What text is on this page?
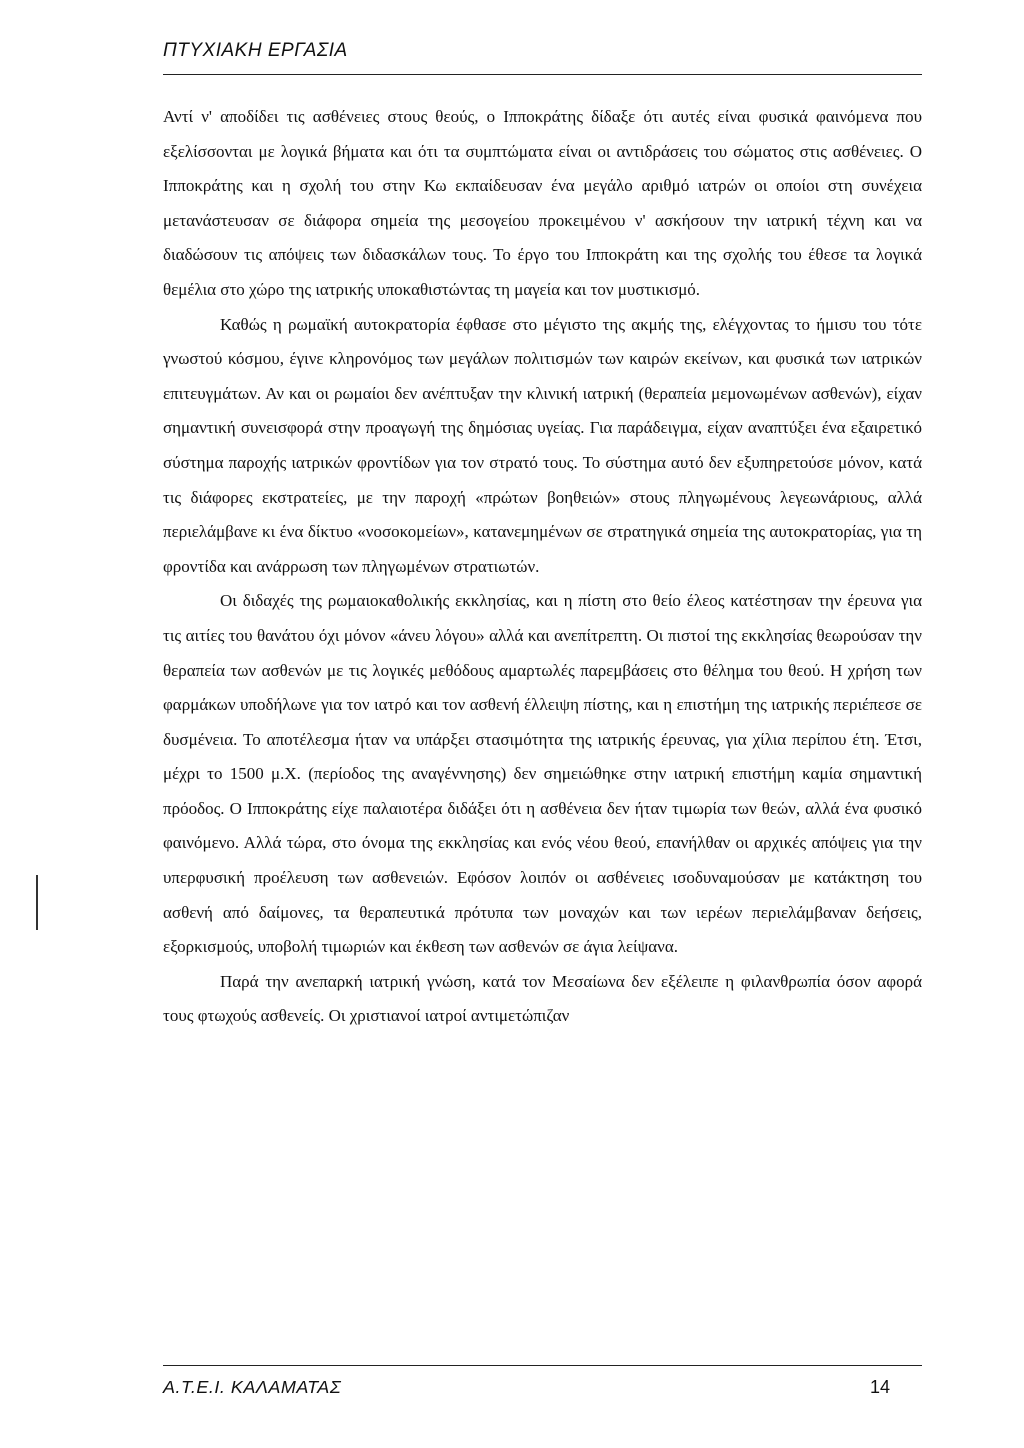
ΠΤΥΧΙΑΚΗ ΕΡΓΑΣΙΑ

Αντί ν' αποδίδει τις ασθένειες στους θεούς, ο Ιπποκράτης δίδαξε ότι αυτές είναι φυσικά φαινόμενα που εξελίσσονται με λογικά βήματα και ότι τα συμπτώματα είναι οι αντιδράσεις του σώματος στις ασθένειες. Ο Ιπποκράτης και η σχολή του στην Κω εκπαίδευσαν ένα μεγάλο αριθμό ιατρών οι οποίοι στη συνέχεια μετανάστευσαν σε διάφορα σημεία της μεσογείου προκειμένου ν' ασκήσουν την ιατρική τέχνη και να διαδώσουν τις απόψεις των διδασκάλων τους. Το έργο του Ιπποκράτη και της σχολής του έθεσε τα λογικά θεμέλια στο χώρο της ιατρικής υποκαθιστώντας τη μαγεία και τον μυστικισμό.

Καθώς η ρωμαϊκή αυτοκρατορία έφθασε στο μέγιστο της ακμής της, ελέγχοντας το ήμισυ του τότε γνωστού κόσμου, έγινε κληρονόμος των μεγάλων πολιτισμών των καιρών εκείνων, και φυσικά των ιατρικών επιτευγμάτων. Αν και οι ρωμαίοι δεν ανέπτυξαν την κλινική ιατρική (θεραπεία μεμονωμένων ασθενών), είχαν σημαντική συνεισφορά στην προαγωγή της δημόσιας υγείας. Για παράδειγμα, είχαν αναπτύξει ένα εξαιρετικό σύστημα παροχής ιατρικών φροντίδων για τον στρατό τους. Το σύστημα αυτό δεν εξυπηρετούσε μόνον, κατά τις διάφορες εκστρατείες, με την παροχή «πρώτων βοηθειών» στους πληγωμένους λεγεωνάριους, αλλά περιελάμβανε κι ένα δίκτυο «νοσοκομείων», κατανεμημένων σε στρατηγικά σημεία της αυτοκρατορίας, για τη φροντίδα και ανάρρωση των πληγωμένων στρατιωτών.

Οι διδαχές της ρωμαιοκαθολικής εκκλησίας, και η πίστη στο θείο έλεος κατέστησαν την έρευνα για τις αιτίες του θανάτου όχι μόνον «άνευ λόγου» αλλά και ανεπίτρεπτη. Οι πιστοί της εκκλησίας θεωρούσαν την θεραπεία των ασθενών με τις λογικές μεθόδους αμαρτωλές παρεμβάσεις στο θέλημα του θεού. Η χρήση των φαρμάκων υποδήλωνε για τον ιατρό και τον ασθενή έλλειψη πίστης, και η επιστήμη της ιατρικής περιέπεσε σε δυσμένεια. Το αποτέλεσμα ήταν να υπάρξει στασιμότητα της ιατρικής έρευνας, για χίλια περίπου έτη. Έτσι, μέχρι το 1500 μ.Χ. (περίοδος της αναγέννησης) δεν σημειώθηκε στην ιατρική επιστήμη καμία σημαντική πρόοδος. Ο Ιπποκράτης είχε παλαιοτέρα διδάξει ότι η ασθένεια δεν ήταν τιμωρία των θεών, αλλά ένα φυσικό φαινόμενο. Αλλά τώρα, στο όνομα της εκκλησίας και ενός νέου θεού, επανήλθαν οι αρχικές απόψεις για την υπερφυσική προέλευση των ασθενειών. Εφόσον λοιπόν οι ασθένειες ισοδυναμούσαν με κατάκτηση του ασθενή από δαίμονες, τα θεραπευτικά πρότυπα των μοναχών και των ιερέων περιελάμβαναν δεήσεις, εξορκισμούς, υποβολή τιμωριών και έκθεση των ασθενών σε άγια λείψανα.

Παρά την ανεπαρκή ιατρική γνώση, κατά τον Μεσαίωνα δεν εξέλειπε η φιλανθρωπία όσον αφορά τους φτωχούς ασθενείς. Οι χριστιανοί ιατροί αντιμετώπιζαν

Α.Τ.Ε.Ι. ΚΑΛΑΜΑΤΑΣ	14
